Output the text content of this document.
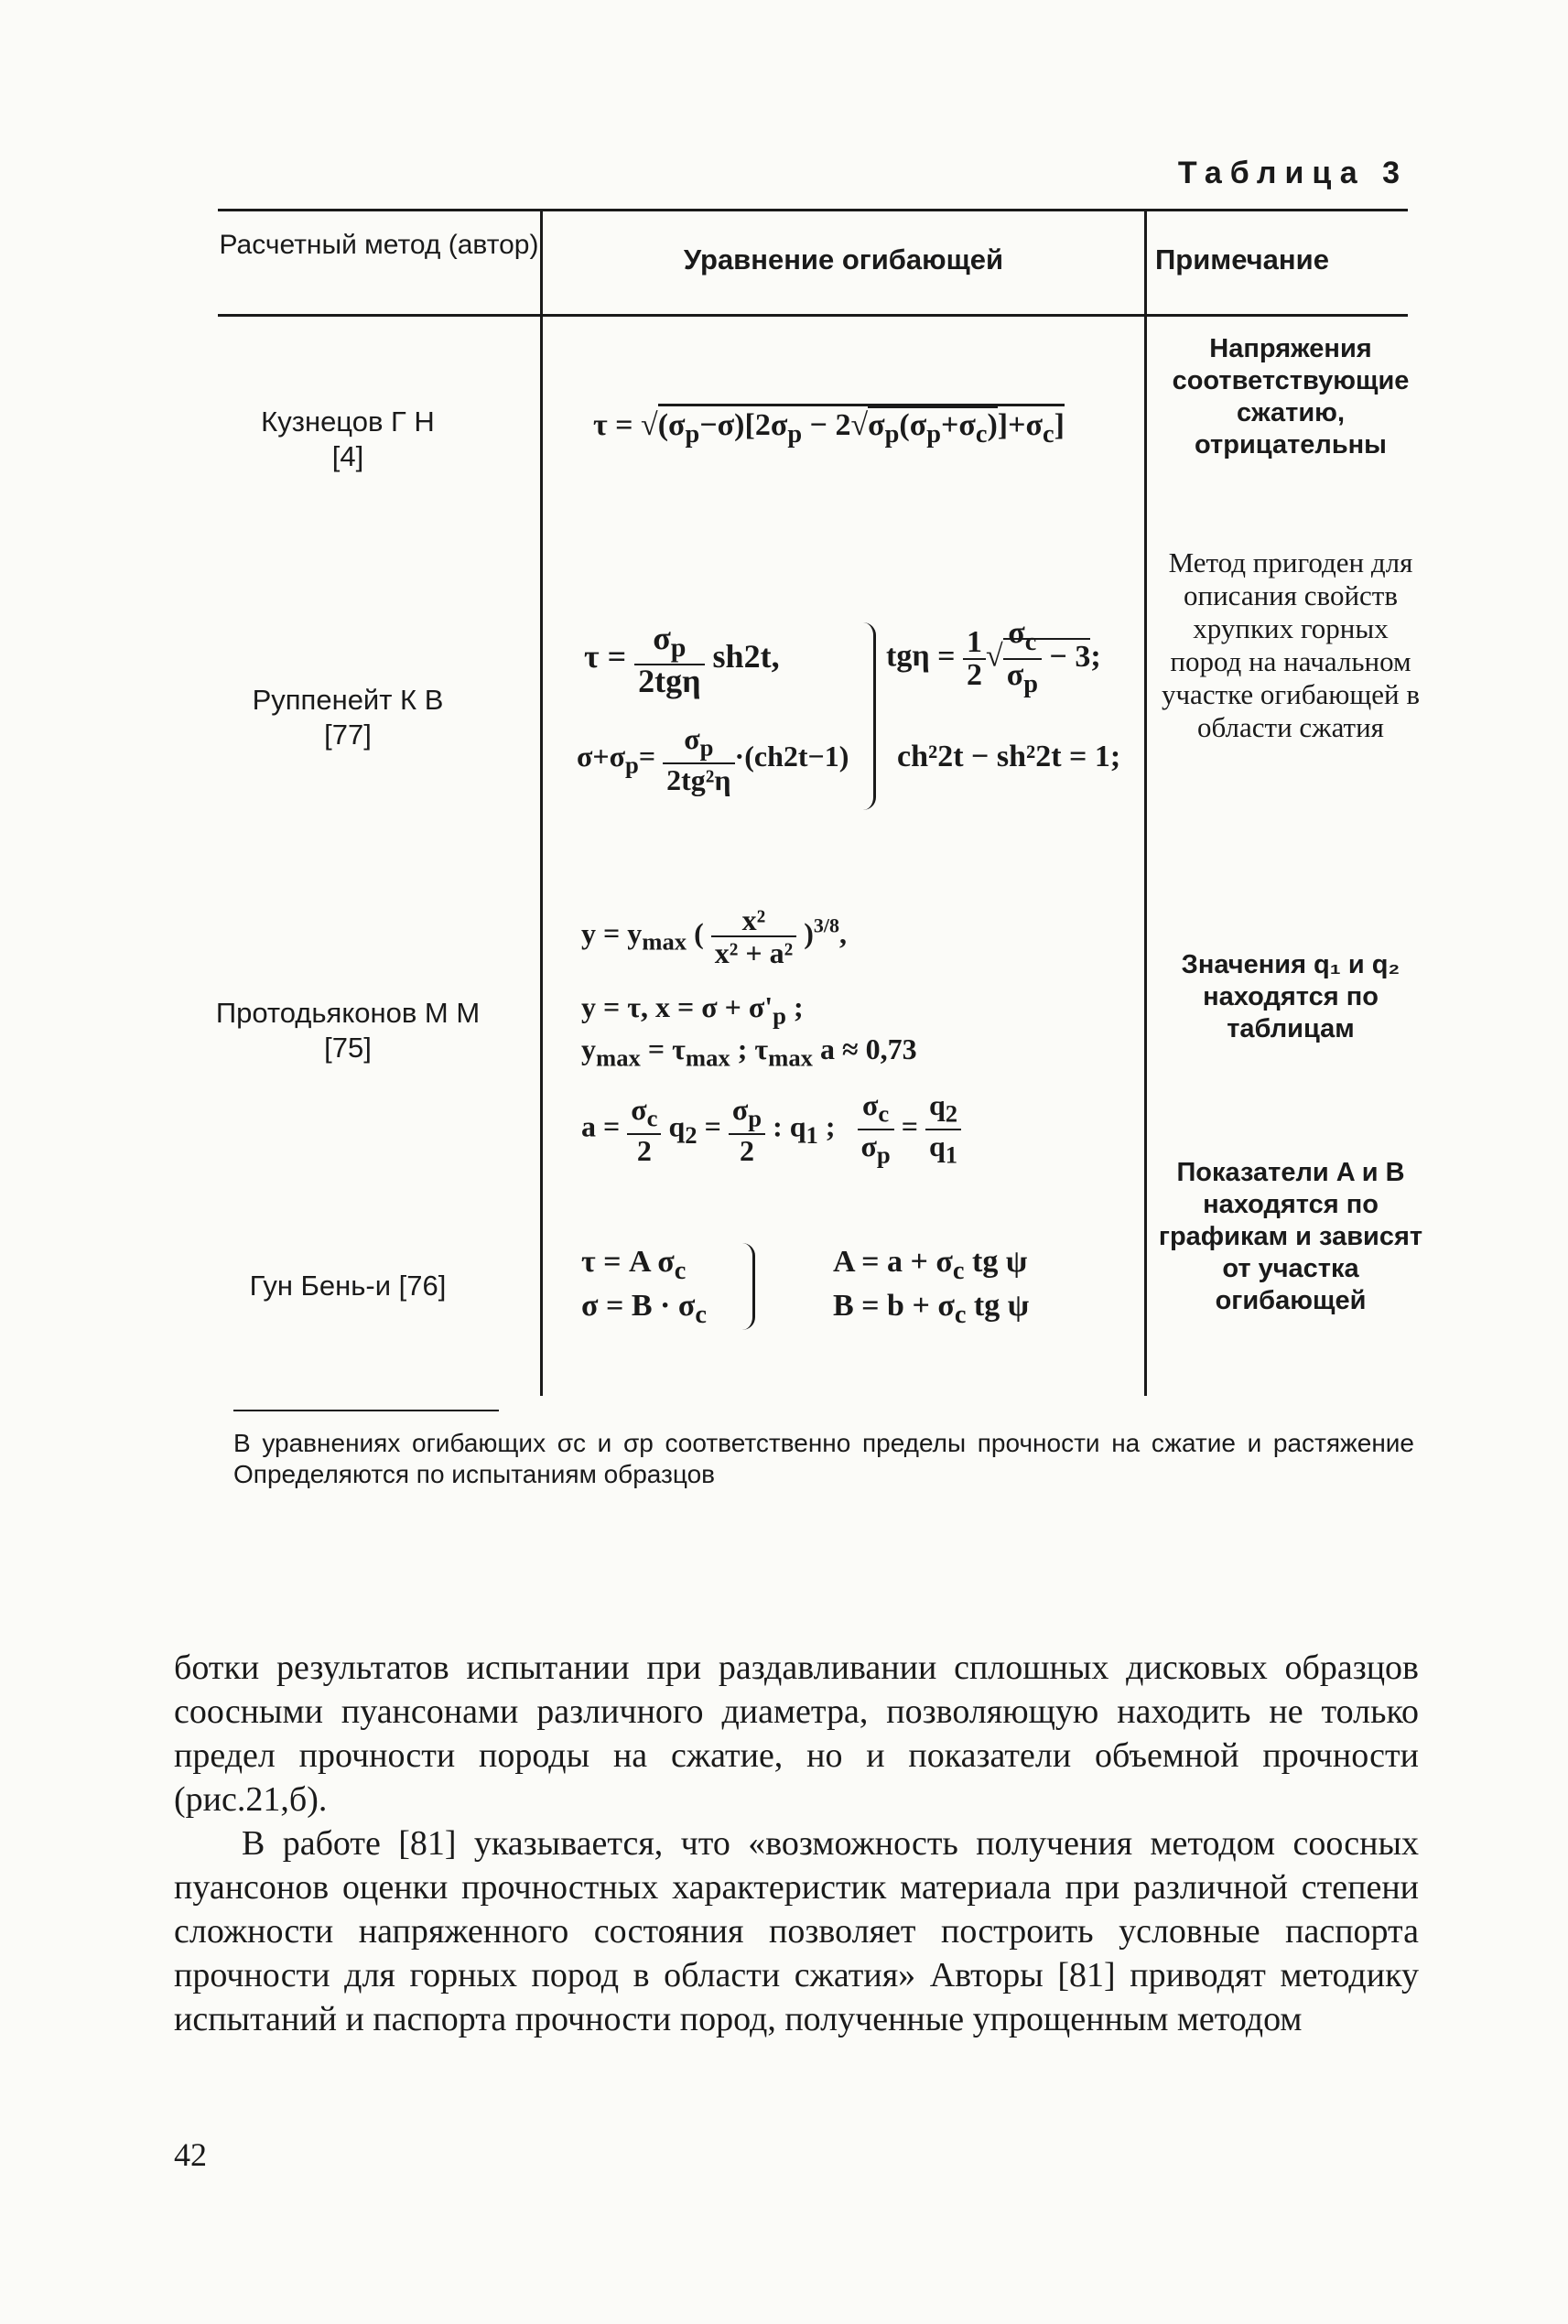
Таблица 3
Расчетный метод (автор)	Уравнение огибающей	Примечание
Кузнецов Г Н
[4]
$\tau = √(\sigma_p-\sigma)[2\sigma_p - 2√\sigma_p(\sigma_p+\sigma_c)]+\sigma_c$]
Напряжения соответствующие сжатию, отрицательны
Руппенейт К В
[77]
$\tau = \frac{\sigma_p}{\text{2tgη}} sh2t$,
$\sigma+\sigma_p= \frac{\sigma_p}{\text{2tg²η}} \cdot(ch2t-1)$
$tg\eta = \frac{1}{2}$ √ $\frac{\sigma_c}{\sigma_p} - 3$;
ch²2t − sh²2t = 1;
Метод пригоден для описания свойств хрупких горных пород на начальном участке огибающей в области сжатия
Протодьяконов М М
[75]
$y = y_{max}$ ( $\frac{\text{x²}}{\text{x² + a²}} )^{3/8}$,
y = τ, $x = \sigma + \sigma'_p$ ;
$y_{max} = \tau_{max}$ ; $\tau_{max}$ a ≈ 0,73
$a = \frac{\sigma_c}{2} q_2 = \frac{\sigma_p}{2}$ : $q_1$ ; $\frac{\sigma_c}{\sigma_p} = \frac{q_2}{q_1}$
Значения q₁ и q₂ находятся по таблицам
Гун Бень-и [76]
τ = A $\sigma_c$
$\sigma = B \cdot \sigma_c$
$A = a + \sigma_c$ tg ψ
$B = b + \sigma_c$ tg ψ
Показатели A и B находятся по графикам и зависят от участка огибающей
В уравнениях огибающих σc и σp соответственно пределы прочности на сжатие и растяжение Определяются по испытаниям образцов
ботки результатов испытании при раздавливании сплошных дисковых образцов соосными пуансонами различного диаметра, позволяющую находить не только предел прочности породы на сжатие, но и показатели объемной прочности (рис.21,б).
В работе [81] указывается, что «возможность получения методом соосных пуансонов оценки прочностных характеристик материала при различной степени сложности напряженного состояния позволяет построить условные паспорта прочности для горных пород в области сжатия» Авторы [81] приводят методику испытаний и паспорта прочности пород, полученные упрощенным методом
42
